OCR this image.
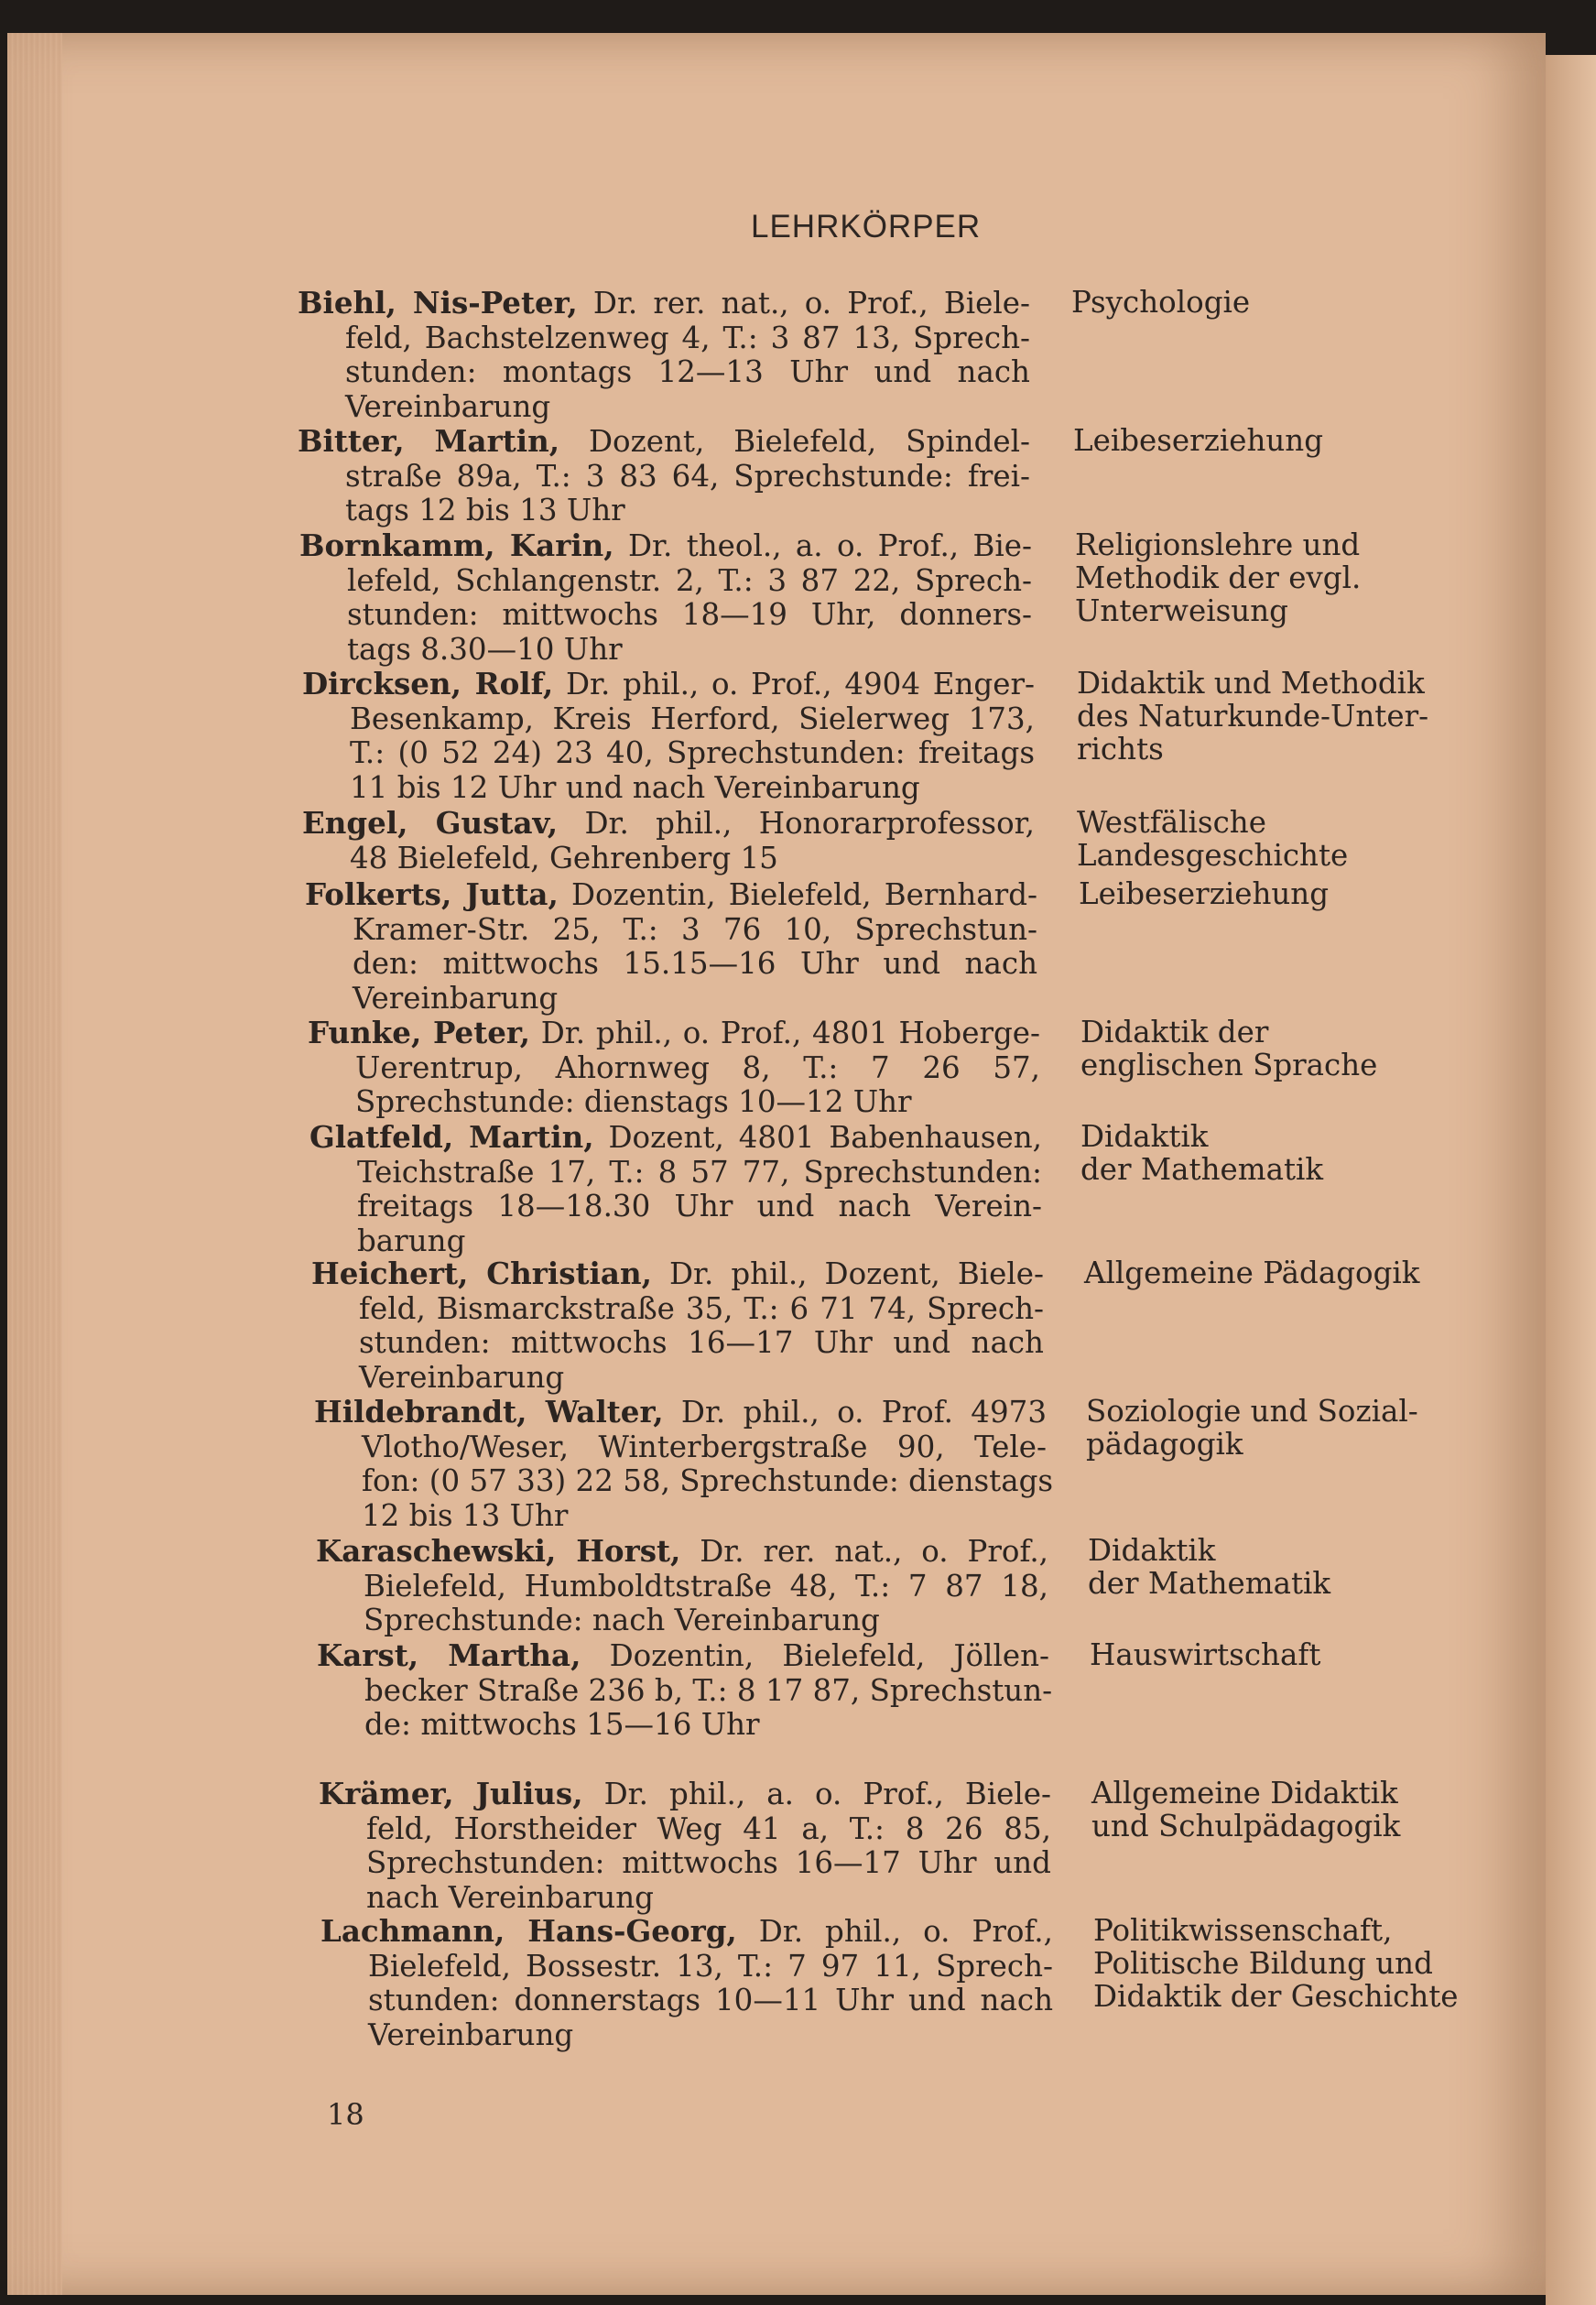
LEHRKÖRPER
Biehl, Nis-Peter, Dr. rer. nat., o. Prof., Biele-
feld, Bachstelzenweg 4, T.: 3 87 13, Sprech-
stunden: montags 12—13 Uhr und nach
Vereinbarung
Psychologie
Bitter, Martin, Dozent, Bielefeld, Spindel-
straße 89a, T.: 3 83 64, Sprechstunde: frei-
tags 12 bis 13 Uhr
Leibeserziehung
Bornkamm, Karin, Dr. theol., a. o. Prof., Bie-
lefeld, Schlangenstr. 2, T.: 3 87 22, Sprech-
stunden: mittwochs 18—19 Uhr, donners-
tags 8.30—10 Uhr
Religionslehre und
Methodik der evgl.
Unterweisung
Dircksen, Rolf, Dr. phil., o. Prof., 4904 Enger-
Besenkamp, Kreis Herford, Sielerweg 173,
T.: (0 52 24) 23 40, Sprechstunden: freitags
11 bis 12 Uhr und nach Vereinbarung
Didaktik und Methodik
des Naturkunde-Unter-
richts
Engel, Gustav, Dr. phil., Honorarprofessor,
48 Bielefeld, Gehrenberg 15
Westfälische
Landesgeschichte
Folkerts, Jutta, Dozentin, Bielefeld, Bernhard-
Kramer-Str. 25, T.: 3 76 10, Sprechstun-
den: mittwochs 15.15—16 Uhr und nach
Vereinbarung
Leibeserziehung
Funke, Peter, Dr. phil., o. Prof., 4801 Hoberge-
Uerentrup, Ahornweg 8, T.: 7 26 57,
Sprechstunde: dienstags 10—12 Uhr
Didaktik der
englischen Sprache
Glatfeld, Martin, Dozent, 4801 Babenhausen,
Teichstraße 17, T.: 8 57 77, Sprechstunden:
freitags 18—18.30 Uhr und nach Verein-
barung
Didaktik
der Mathematik
Heichert, Christian, Dr. phil., Dozent, Biele-
feld, Bismarckstraße 35, T.: 6 71 74, Sprech-
stunden: mittwochs 16—17 Uhr und nach
Vereinbarung
Allgemeine Pädagogik
Hildebrandt, Walter, Dr. phil., o. Prof. 4973
Vlotho/Weser, Winterbergstraße 90, Tele-
fon: (0 57 33) 22 58, Sprechstunde: dienstags
12 bis 13 Uhr
Soziologie und Sozial-
pädagogik
Karaschewski, Horst, Dr. rer. nat., o. Prof.,
Bielefeld, Humboldtstraße 48, T.: 7 87 18,
Sprechstunde: nach Vereinbarung
Didaktik
der Mathematik
Karst, Martha, Dozentin, Bielefeld, Jöllen-
becker Straße 236 b, T.: 8 17 87, Sprechstun-
de: mittwochs 15—16 Uhr
Hauswirtschaft
Krämer, Julius, Dr. phil., a. o. Prof., Biele-
feld, Horstheider Weg 41 a, T.: 8 26 85,
Sprechstunden: mittwochs 16—17 Uhr und
nach Vereinbarung
Allgemeine Didaktik
und Schulpädagogik
Lachmann, Hans-Georg, Dr. phil., o. Prof.,
Bielefeld, Bossestr. 13, T.: 7 97 11, Sprech-
stunden: donnerstags 10—11 Uhr und nach
Vereinbarung
Politikwissenschaft,
Politische Bildung und
Didaktik der Geschichte
18
